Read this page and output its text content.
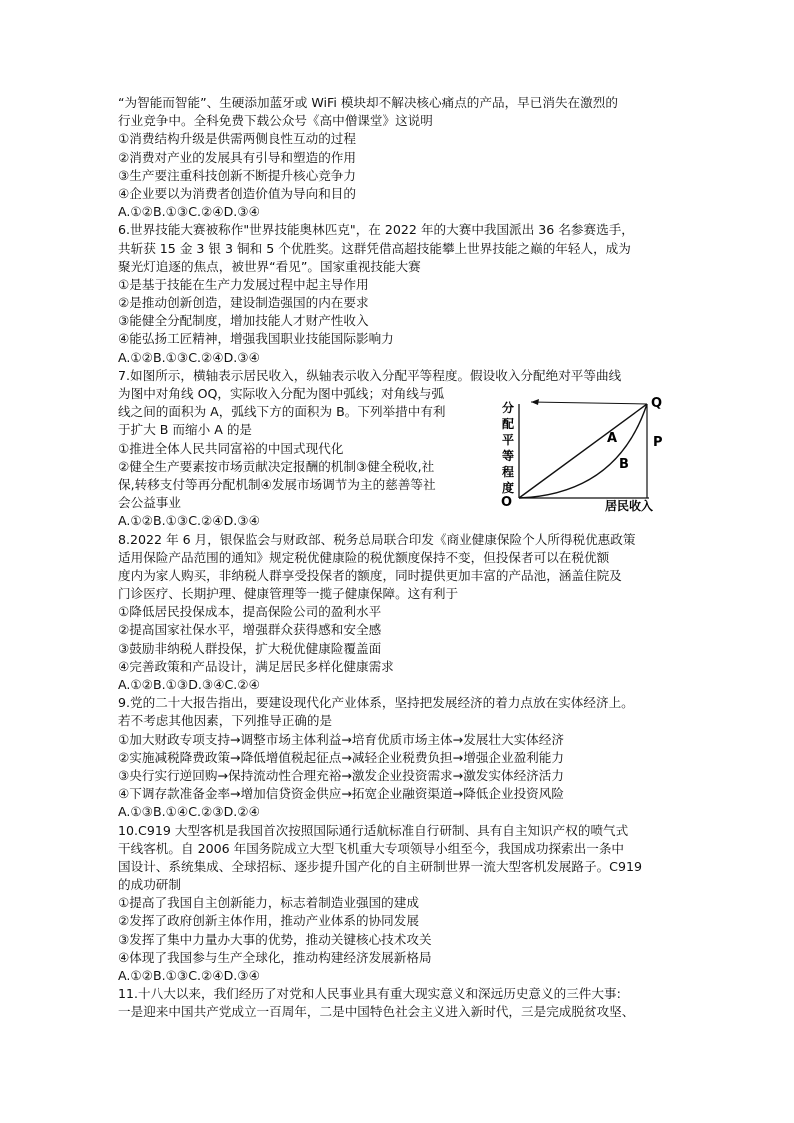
“为智能而智能”、生硬添加蓝牙或 WiFi 模块却不解决核心痛点的产品，早已消失在激烈的
行业竞争中。全科免费下载公众号《高中僧课堂》这说明
①消费结构升级是供需两侧良性互动的过程
②消费对产业的发展具有引导和塑造的作用
③生产要注重科技创新不断提升核心竞争力
④企业要以为消费者创造价值为导向和目的
A.①②B.①③C.②④D.③④
6.世界技能大赛被称作"世界技能奥林匹克"，在 2022 年的大赛中我国派出 36 名参赛选手，
共斩获 15 金 3 银 3 铜和 5 个优胜奖。这群凭借高超技能攀上世界技能之巅的年轻人，成为
聚光灯追逐的焦点，被世界“看见”。国家重视技能大赛
①是基于技能在生产力发展过程中起主导作用
②是推动创新创造，建设制造强国的内在要求
③能健全分配制度，增加技能人才财产性收入
④能弘扬工匠精神，增强我国职业技能国际影响力
A.①②B.①③C.②④D.③④
7.如图所示，横轴表示居民收入，纵轴表示收入分配平等程度。假设收入分配绝对平等曲线
为图中对角线 OQ，实际收入分配为图中弧线；对角线与弧
线之间的面积为 A，弧线下方的面积为 B。下列举措中有利
于扩大 B 而缩小 A 的是
①推进全体人民共同富裕的中国式现代化
②健全生产要素按市场贡献决定报酬的机制③健全税收,社
保,转移支付等再分配机制④发展市场调节为主的慈善等社
会公益事业
A.①②B.①③C.②④D.③④
8.2022 年 6 月，银保监会与财政部、税务总局联合印发《商业健康保险个人所得税优惠政策
适用保险产品范围的通知》规定税优健康险的税优额度保持不变，但投保者可以在税优额
度内为家人购买，非纳税人群享受投保者的额度，同时提供更加丰富的产品池，涵盖住院及
门诊医疗、长期护理、健康管理等一揽子健康保障。这有利于
①降低居民投保成本，提高保险公司的盈利水平
②提高国家社保水平，增强群众获得感和安全感
③鼓励非纳税人群投保，扩大税优健康险覆盖面
④完善政策和产品设计，满足居民多样化健康需求
A.①②B.①③D.③④C.②④
9.党的二十大报告指出，要建设现代化产业体系，坚持把发展经济的着力点放在实体经济上。
若不考虑其他因素，下列推导正确的是
①加大财政专项支持→调整市场主体利益→培育优质市场主体→发展壮大实体经济
②实施减税降费政策→降低增值税起征点→减轻企业税费负担→增强企业盈利能力
③央行实行逆回购→保持流动性合理充裕→激发企业投资需求→激发实体经济活力
④下调存款准备金率→增加信贷资金供应→拓宽企业融资渠道→降低企业投资风险
A.①③B.①④C.②③D.②④
10.C919 大型客机是我国首次按照国际通行适航标准自行研制、具有自主知识产权的喷气式
干线客机。自 2006 年国务院成立大型飞机重大专项领导小组至今，我国成功探索出一条中
国设计、系统集成、全球招标、逐步提升国产化的自主研制世界一流大型客机发展路子。C919
的成功研制
①提高了我国自主创新能力，标志着制造业强国的建成
②发挥了政府创新主体作用，推动产业体系的协同发展
③发挥了集中力量办大事的优势，推动关键核心技术攻关
④体现了我国参与生产全球化，推动构建经济发展新格局
A.①②B.①③C.②④D.③④
11.十八大以来，我们经历了对党和人民事业具有重大现实意义和深远历史意义的三件大事:
一是迎来中国共产党成立一百周年，二是中国特色社会主义进入新时代，三是完成脱贫攻坚、
分
配
平
等
程
度
Q
P
A
B
O	居民收入
